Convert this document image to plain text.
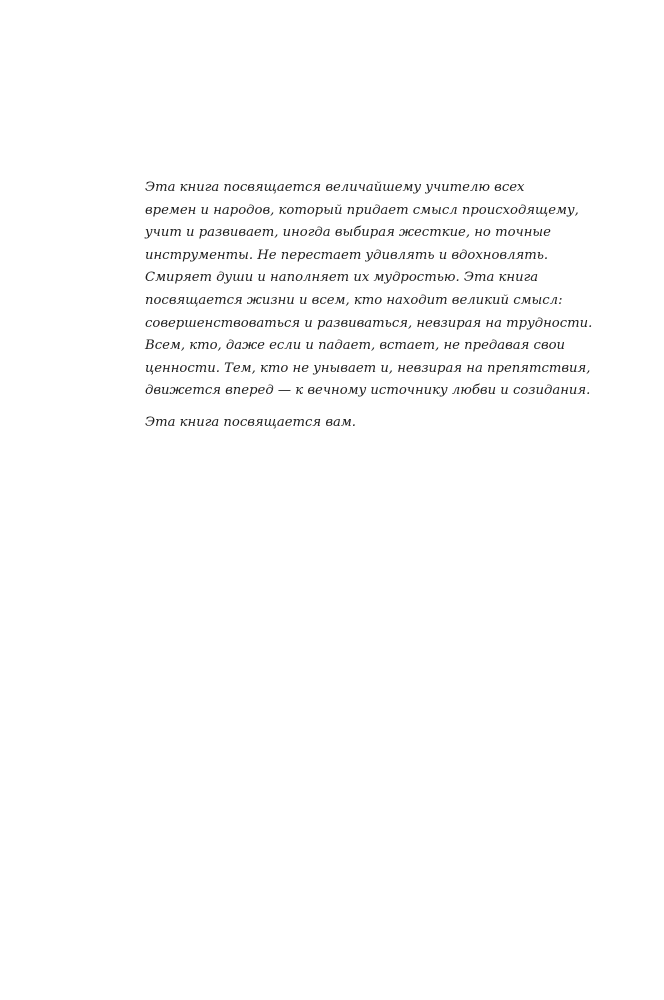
Эта книга посвящается величайшему учителю всех
времен и народов, который придает смысл происходящему,
учит и развивает, иногда выбирая жесткие, но точные
инструменты. Не перестает удивлять и вдохновлять.
Смиряет души и наполняет их мудростью. Эта книга
посвящается жизни и всем, кто находит великий смысл:
совершенствоваться и развиваться, невзирая на трудности.
Всем, кто, даже если и падает, встает, не предавая свои
ценности. Тем, кто не унывает и, невзирая на препятствия,
движется вперед — к вечному источнику любви и созидания.
Эта книга посвящается вам.
